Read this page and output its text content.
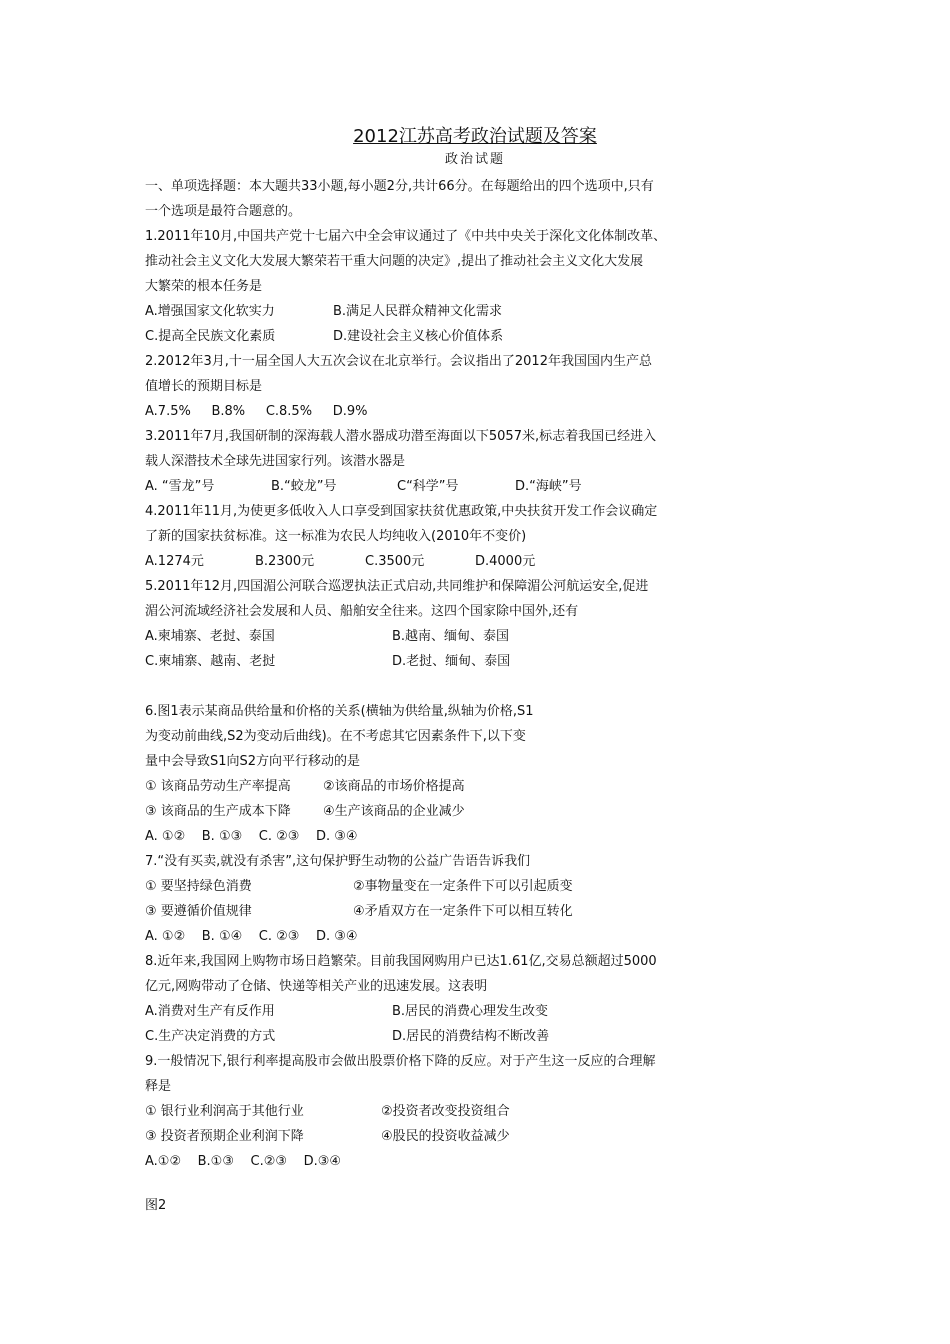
2012江苏高考政治试题及答案
政治试题
一、单项选择题：本大题共33小题,每小题2分,共计66分。在每题给出的四个选项中,只有
一个选项是最符合题意的。
1.2011年10月,中国共产党十七届六中全会审议通过了《中共中央关于深化文化体制改革、
推动社会主义文化大发展大繁荣若干重大问题的决定》,提出了推动社会主义文化大发展
大繁荣的根本任务是
A.增强国家文化软实力	B.满足人民群众精神文化需求
C.提高全民族文化素质	D.建设社会主义核心价值体系
2.2012年3月,十一届全国人大五次会议在北京举行。会议指出了2012年我国国内生产总
值增长的预期目标是
A.7.5%     B.8%     C.8.5%     D.9%
3.2011年7月,我国研制的深海载人潜水器成功潜至海面以下5057米,标志着我国已经进入
载人深潜技术全球先进国家行列。该潜水器是
A. “雪龙”号	B.“蛟龙”号	C“科学”号	D.“海峡”号
4.2011年11月,为使更多低收入人口享受到国家扶贫优惠政策,中央扶贫开发工作会议确定
了新的国家扶贫标准。这一标准为农民人均纯收入(2010年不变价)
A.1274元	B.2300元	C.3500元	D.4000元
5.2011年12月,四国湄公河联合巡逻执法正式启动,共同维护和保障湄公河航运安全,促进
湄公河流域经济社会发展和人员、船舶安全往来。这四个国家除中国外,还有
A.柬埔寨、老挝、泰国	B.越南、缅甸、泰国
C.柬埔寨、越南、老挝	D.老挝、缅甸、泰国
6.图1表示某商品供给量和价格的关系(横轴为供给量,纵轴为价格,S1
为变动前曲线,S2为变动后曲线)。在不考虑其它因素条件下,以下变
量中会导致S1向S2方向平行移动的是
① 该商品劳动生产率提高	②该商品的市场价格提高
③ 该商品的生产成本下降	④生产该商品的企业减少
A. ①②    B. ①③    C. ②③    D. ③④
7.“没有买卖,就没有杀害”,这句保护野生动物的公益广告语告诉我们
① 要坚持绿色消费	②事物量变在一定条件下可以引起质变
③ 要遵循价值规律	④矛盾双方在一定条件下可以相互转化
A. ①②    B. ①④    C. ②③    D. ③④
8.近年来,我国网上购物市场日趋繁荣。目前我国网购用户已达1.61亿,交易总额超过5000
亿元,网购带动了仓储、快递等相关产业的迅速发展。这表明
A.消费对生产有反作用	B.居民的消费心理发生改变
C.生产决定消费的方式	D.居民的消费结构不断改善
9.一般情况下,银行利率提高股市会做出股票价格下降的反应。对于产生这一反应的合理解
释是
① 银行业利润高于其他行业	②投资者改变投资组合
③ 投资者预期企业利润下降	④股民的投资收益减少
A.①②    B.①③    C.②③    D.③④
图2
